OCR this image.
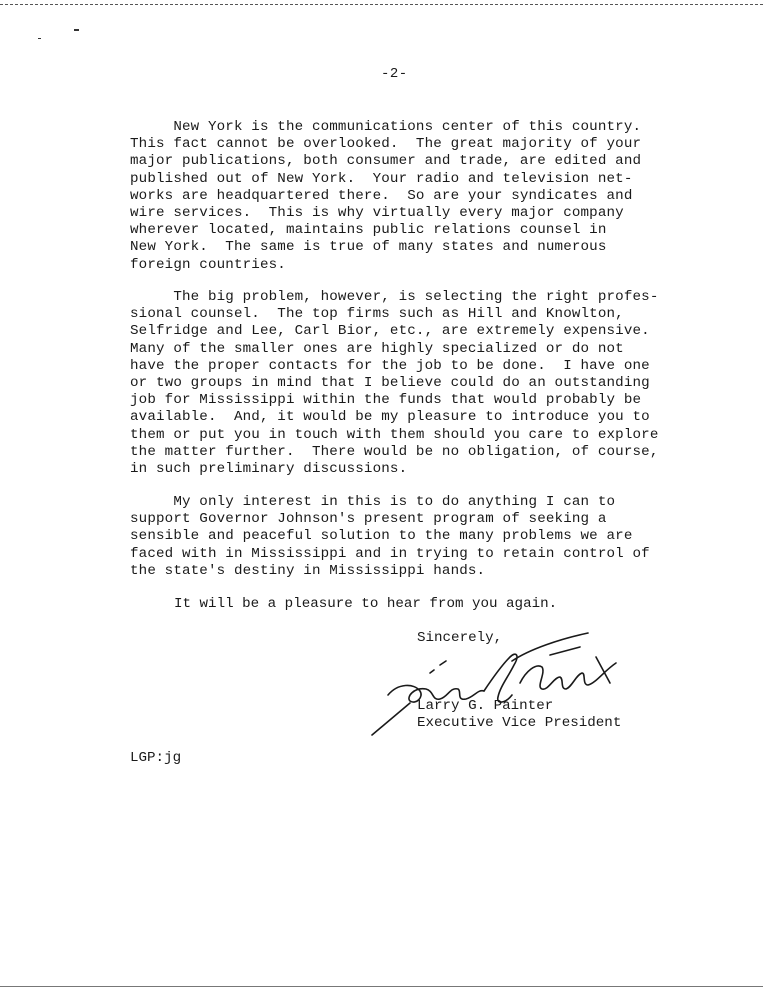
-2-
New York is the communications center of this country.
This fact cannot be overlooked.  The great majority of your
major publications, both consumer and trade, are edited and
published out of New York.  Your radio and television net-
works are headquartered there.  So are your syndicates and
wire services.  This is why virtually every major company
wherever located, maintains public relations counsel in
New York.  The same is true of many states and numerous
foreign countries.
The big problem, however, is selecting the right profes-
sional counsel.  The top firms such as Hill and Knowlton,
Selfridge and Lee, Carl Bior, etc., are extremely expensive.
Many of the smaller ones are highly specialized or do not
have the proper contacts for the job to be done.  I have one
or two groups in mind that I believe could do an outstanding
job for Mississippi within the funds that would probably be
available.  And, it would be my pleasure to introduce you to
them or put you in touch with them should you care to explore
the matter further.  There would be no obligation, of course,
in such preliminary discussions.
My only interest in this is to do anything I can to
support Governor Johnson's present program of seeking a
sensible and peaceful solution to the many problems we are
faced with in Mississippi and in trying to retain control of
the state's destiny in Mississippi hands.
It will be a pleasure to hear from you again.
Sincerely,
Larry G. Painter
Executive Vice President
LGP:jg
